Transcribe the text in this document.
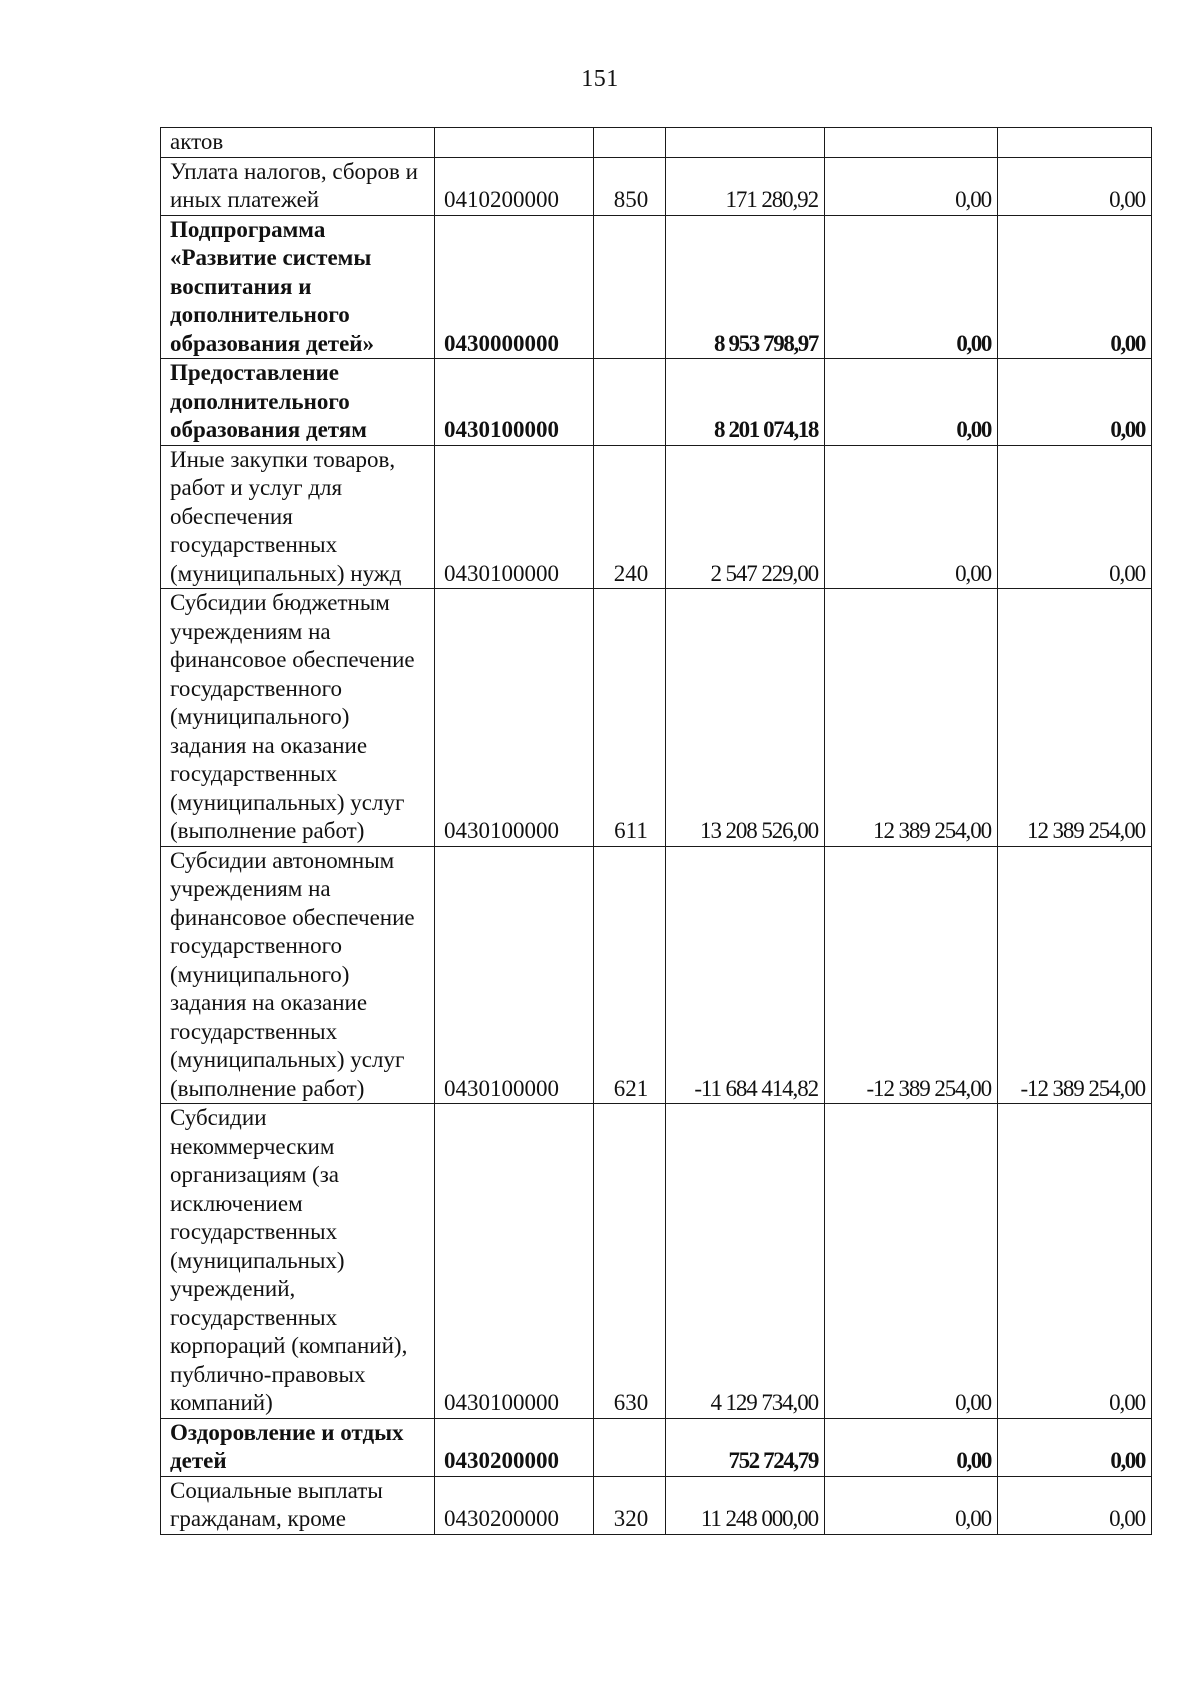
151
актов					
Уплата налогов, сборов и иных платежей	0410200000	850	171 280,92	0,00	0,00
Подпрограмма «Развитие системы воспитания и дополнительного образования детей»	0430000000		8 953 798,97	0,00	0,00
Предоставление дополнительного образования детям	0430100000		8 201 074,18	0,00	0,00
Иные закупки товаров, работ и услуг для обеспечения государственных (муниципальных) нужд	0430100000	240	2 547 229,00	0,00	0,00
Субсидии бюджетным учреждениям на финансовое обеспечение государственного (муниципального) задания на оказание государственных (муниципальных) услуг (выполнение работ)	0430100000	611	13 208 526,00	12 389 254,00	12 389 254,00
Субсидии автономным учреждениям на финансовое обеспечение государственного (муниципального) задания на оказание государственных (муниципальных) услуг (выполнение работ)	0430100000	621	-11 684 414,82	-12 389 254,00	-12 389 254,00
Субсидии некоммерческим организациям (за исключением государственных (муниципальных) учреждений, государственных корпораций (компаний), публично-правовых компаний)	0430100000	630	4 129 734,00	0,00	0,00
Оздоровление и отдых детей	0430200000		752 724,79	0,00	0,00
Социальные выплаты гражданам, кроме	0430200000	320	11 248 000,00	0,00	0,00
